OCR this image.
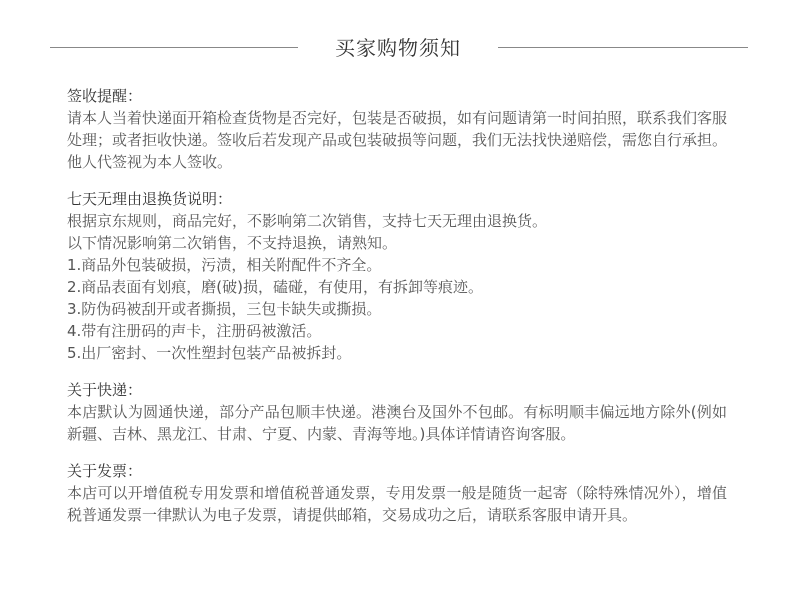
买家购物须知

签收提醒：

请本人当着快递面开箱检查货物是否完好，包装是否破损，如有问题请第一时间拍照，联系我们客服处理；或者拒收快递。签收后若发现产品或包装破损等问题，我们无法找快递赔偿，需您自行承担。他人代签视为本人签收。

七天无理由退换货说明：

根据京东规则，商品完好，不影响第二次销售，支持七天无理由退换货。

以下情况影响第二次销售，不支持退换，请熟知。

1.商品外包装破损，污渍，相关附配件不齐全。

2.商品表面有划痕，磨(破)损，磕碰，有使用，有拆卸等痕迹。

3.防伪码被刮开或者撕损，三包卡缺失或撕损。

4.带有注册码的声卡，注册码被激活。

5.出厂密封、一次性塑封包装产品被拆封。

关于快递：

本店默认为圆通快递，部分产品包顺丰快递。港澳台及国外不包邮。有标明顺丰偏远地方除外(例如新疆、吉林、黑龙江、甘肃、宁夏、内蒙、青海等地。)具体详情请咨询客服。

关于发票：

本店可以开增值税专用发票和增值税普通发票，专用发票一般是随货一起寄（除特殊情况外），增值税普通发票一律默认为电子发票，请提供邮箱，交易成功之后，请联系客服申请开具。
